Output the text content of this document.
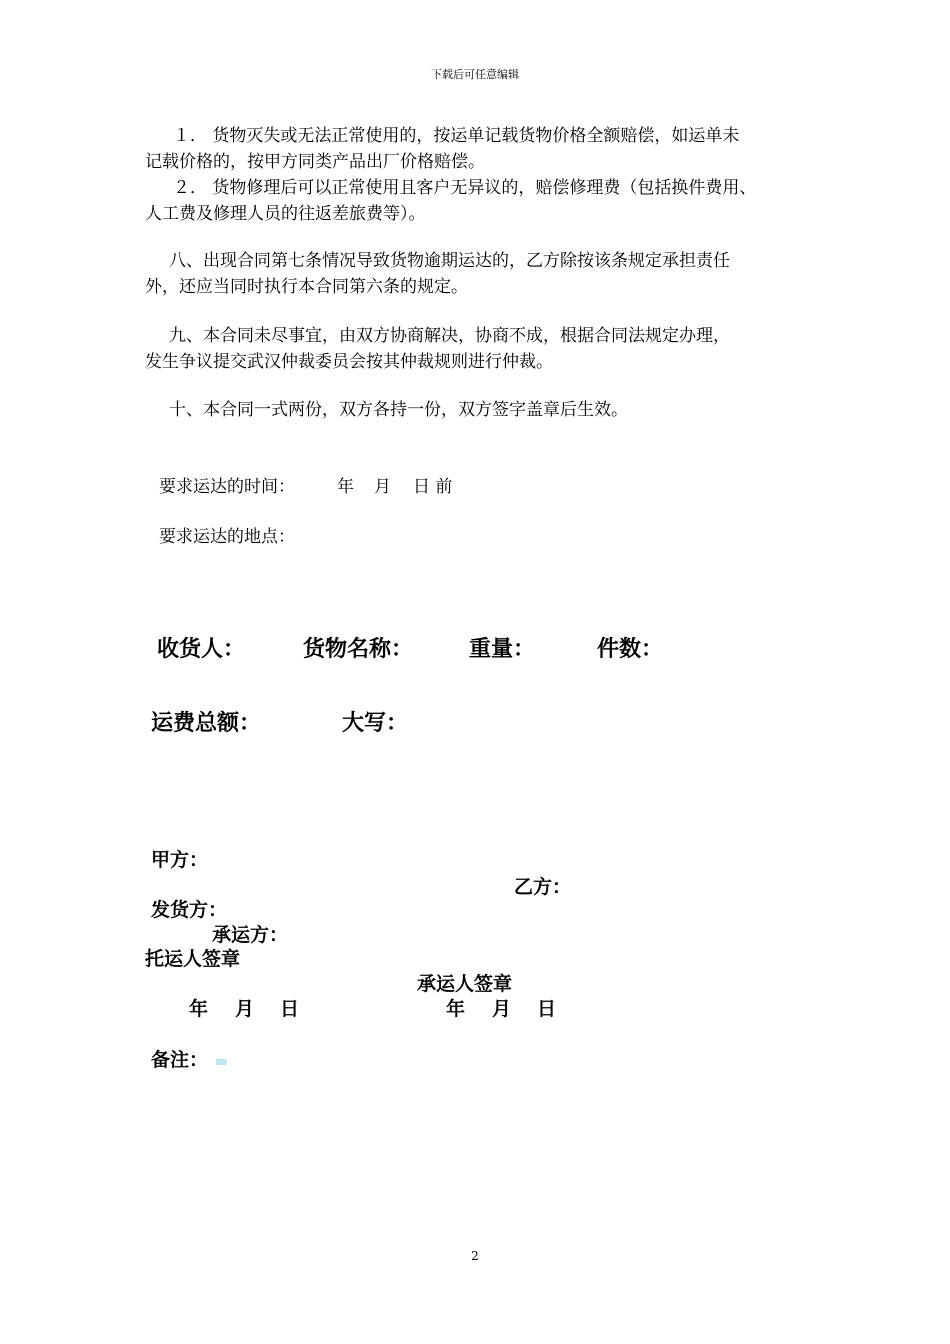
下载后可任意编辑
１． 货物灭失或无法正常使用的，按运单记载货物价格全额赔偿，如运单未
记载价格的，按甲方同类产品出厂价格赔偿。
２． 货物修理后可以正常使用且客户无异议的，赔偿修理费（包括换件费用、
人工费及修理人员的往返差旅费等）。
八、出现合同第七条情况导致货物逾期运达的，乙方除按该条规定承担责任
外，还应当同时执行本合同第六条的规定。
九、本合同未尽事宜，由双方协商解决，协商不成，根据合同法规定办理，
发生争议提交武汉仲裁委员会按其仲裁规则进行仲裁。
十、本合同一式两份，双方各持一份，双方签字盖章后生效。
要求运达的时间： 年 月 日 前
要求运达的地点：
收货人：	货物名称：	重量：	件数：
运费总额：	大写：
甲方：
乙方：
发货方：
承运方：
托运人签章
承运人签章
年 月 日	年 月 日
备注：
2
